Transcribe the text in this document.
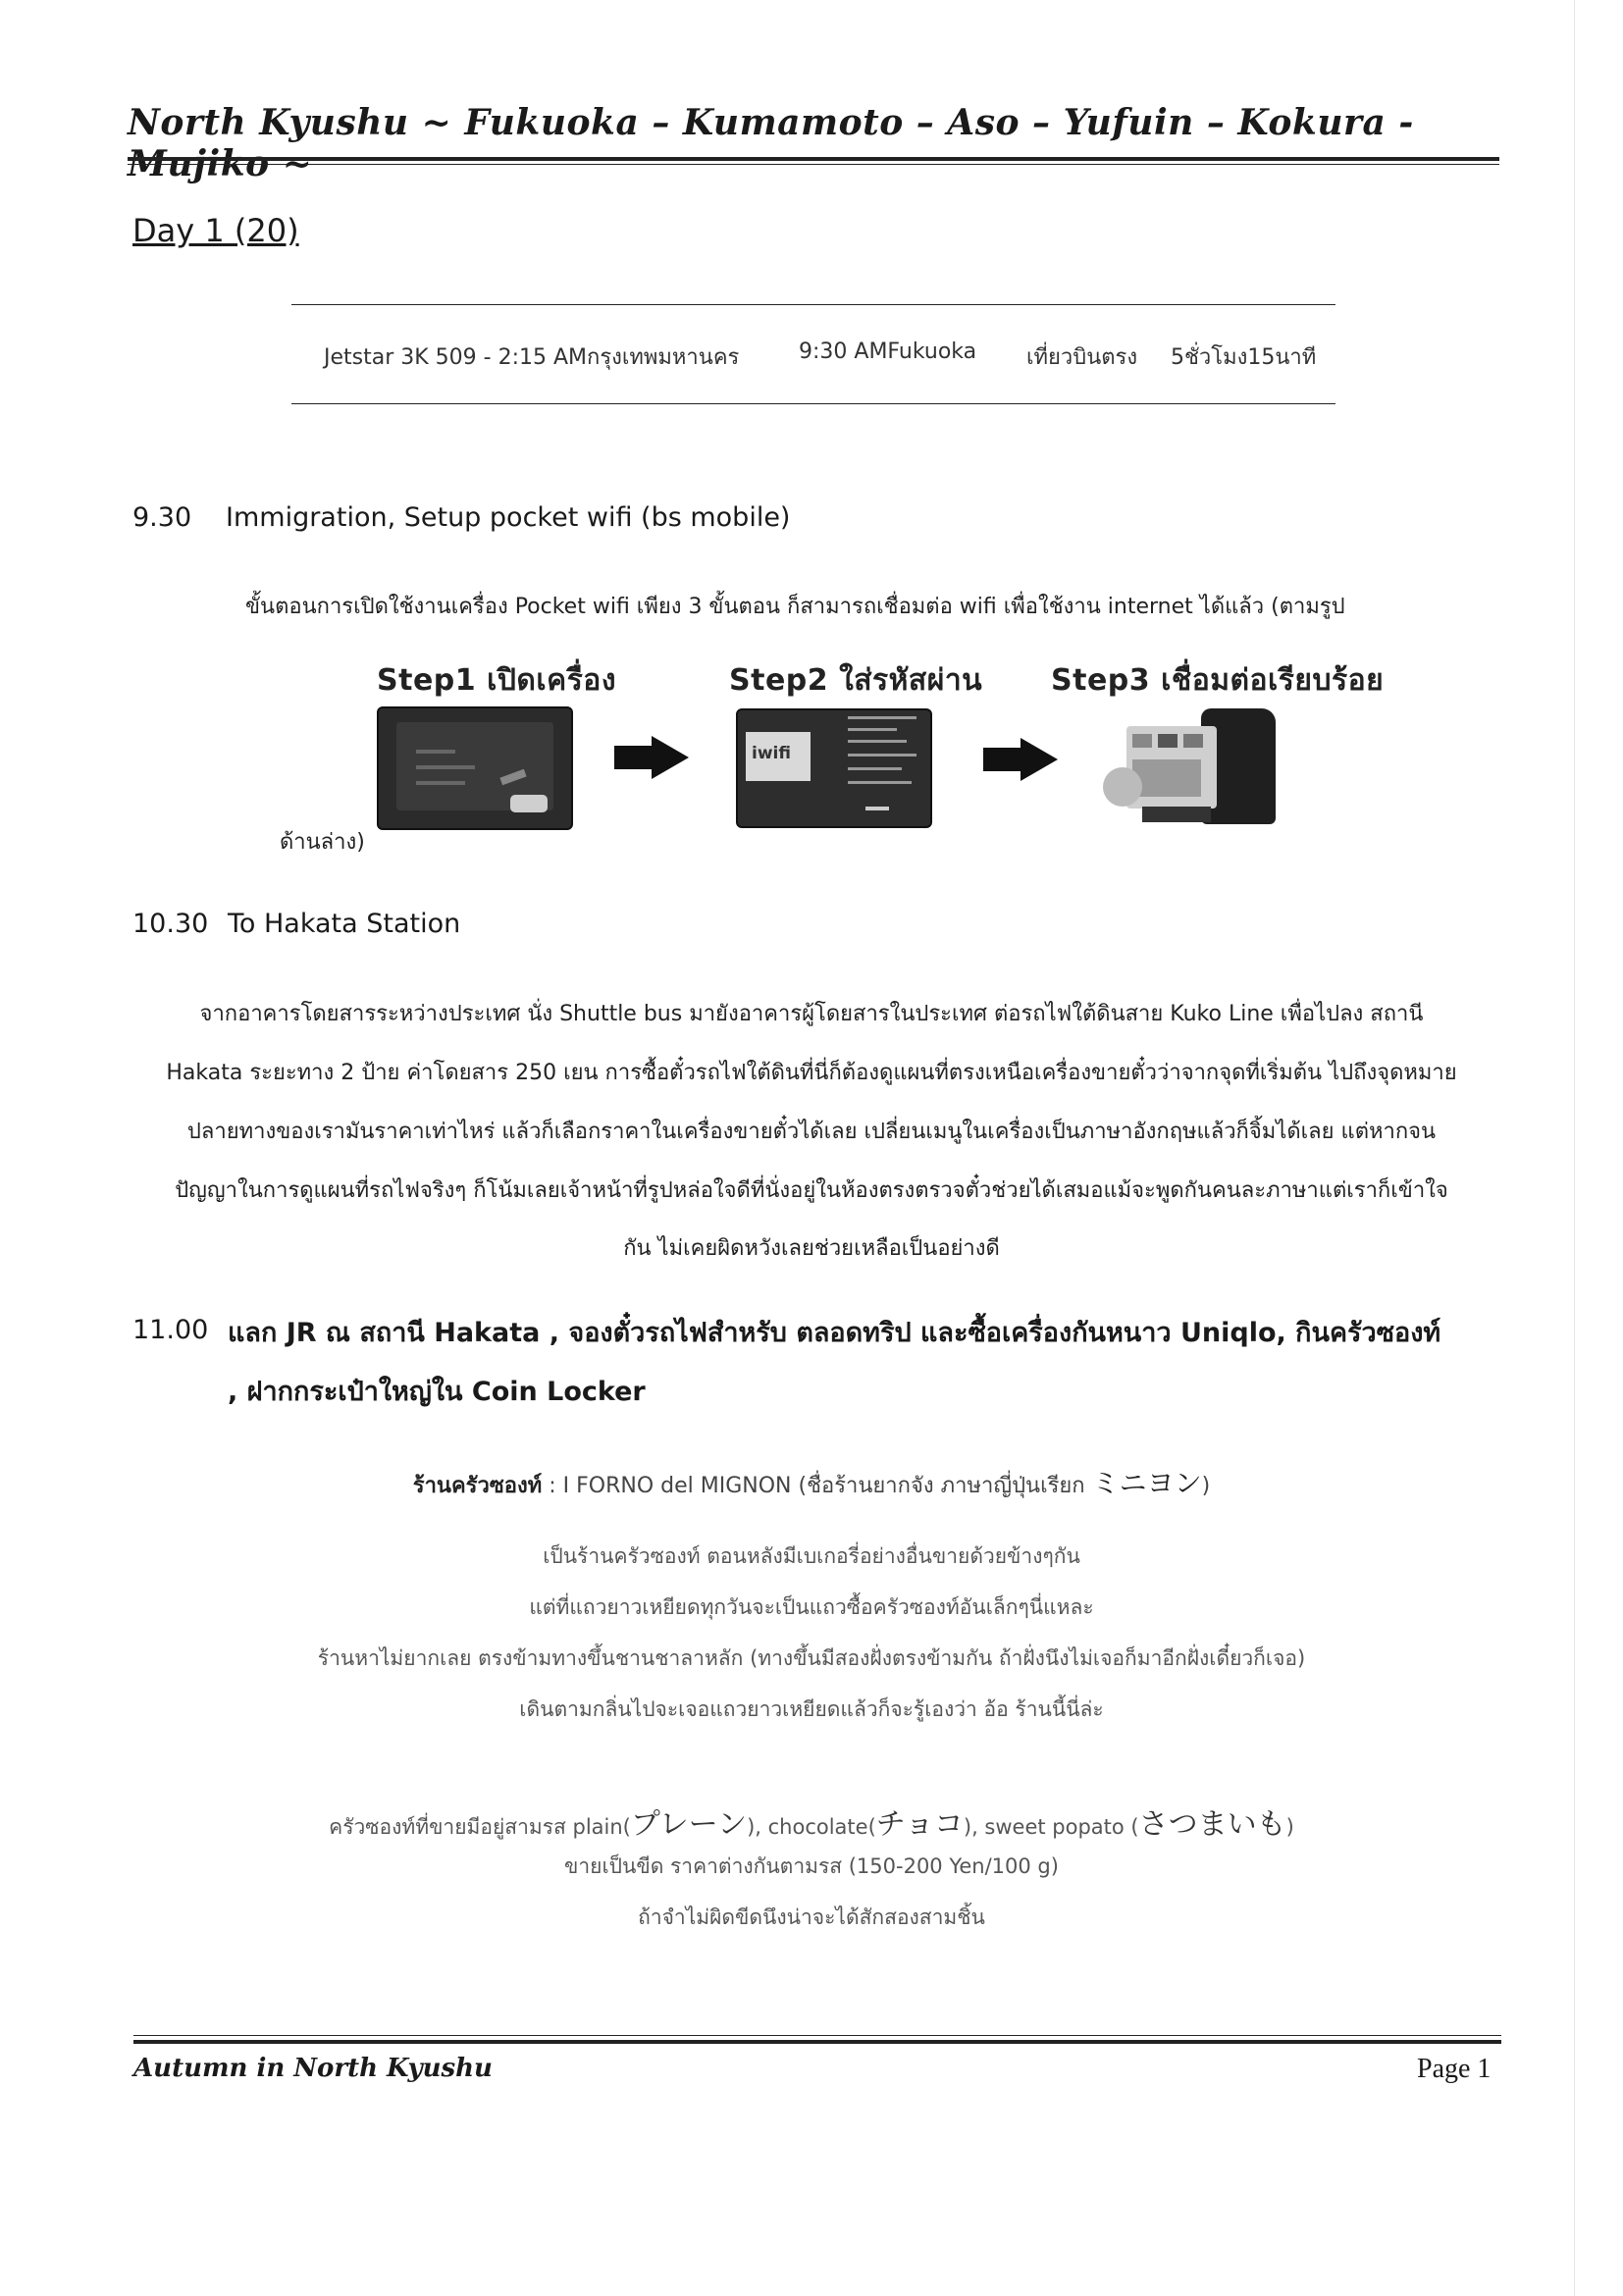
North Kyushu ~ Fukuoka – Kumamoto – Aso – Yufuin – Kokura -
Day 1 (20)
Jetstar 3K 509 - 2:15 AMกรุงเทพมหานคร	9:30 AMFukuoka เที่ยวบินตรง 5ชั่วโมง15นาที
9.30 Immigration, Setup pocket wifi (bs mobile)
ขั้นตอนการเปิดใช้งานเครื่อง Pocket wifi เพียง 3 ขั้นตอน ก็สามารถเชื่อมต่อ wifi เพื่อใช้งาน internet ได้แล้ว (ตามรูป
Step1 เปิดเครื่อง	Step2 ใส่รหัสผ่าน Step3 เชื่อมต่อเรียบร้อย
iwifi
ด้านล่าง)
10.30 To Hakata Station
จากอาคารโดยสารระหว่างประเทศ นั่ง Shuttle bus มายังอาคารผู้โดยสารในประเทศ ต่อรถไฟใต้ดินสาย Kuko Line เพื่อไปลง สถานี
Hakata ระยะทาง 2 ป้าย ค่าโดยสาร 250 เยน การซื้อตั๋วรถไฟใต้ดินที่นี่ก็ต้องดูแผนที่ตรงเหนือเครื่องขายตั๋วว่าจากจุดที่เริ่มต้น ไปถึงจุดหมาย
ปลายทางของเรามันราคาเท่าไหร่ แล้วก็เลือกราคาในเครื่องขายตั๋วได้เลย เปลี่ยนเมนูในเครื่องเป็นภาษาอังกฤษแล้วก็จิ้มได้เลย แต่หากจน
ปัญญาในการดูแผนที่รถไฟจริงๆ ก็โน้มเลยเจ้าหน้าที่รูปหล่อใจดีที่นั่งอยู่ในห้องตรงตรวจตั๋วช่วยได้เสมอแม้จะพูดกันคนละภาษาแต่เราก็เข้าใจ
กัน ไม่เคยผิดหวังเลยช่วยเหลือเป็นอย่างดี
11.00 แลก JR ณ สถานี Hakata , จองตั๋วรถไฟสำหรับ ตลอดทริป และซื้อเครื่องกันหนาว Uniqlo, กินครัวซองท์
, ฝากกระเป๋าใหญ่ใน Coin Locker
ร้านครัวซองท์ : I FORNO del MIGNON (ชื่อร้านยากจัง ภาษาญี่ปุ่นเรียก ミニヨン)
เป็นร้านครัวซองท์ ตอนหลังมีเบเกอรี่อย่างอื่นขายด้วยข้างๆกัน
แต่ที่แถวยาวเหยียดทุกวันจะเป็นแถวซื้อครัวซองท์อันเล็กๆนี่แหละ
ร้านหาไม่ยากเลย ตรงข้ามทางขึ้นชานชาลาหลัก (ทางขึ้นมีสองฝั่งตรงข้ามกัน ถ้าฝั่งนึงไม่เจอก็มาอีกฝั่งเดี๋ยวก็เจอ)
เดินตามกลิ่นไปจะเจอแถวยาวเหยียดแล้วก็จะรู้เองว่า อ้อ ร้านนี้นี่ล่ะ
ครัวซองท์ที่ขายมีอยู่สามรส plain(プレーン), chocolate(チョコ), sweet popato (さつまいも)
ขายเป็นขีด ราคาต่างกันตามรส (150-200 Yen/100 g)
ถ้าจำไม่ผิดขีดนึงน่าจะได้สักสองสามชิ้น
Autumn in North Kyushu	Page 1
